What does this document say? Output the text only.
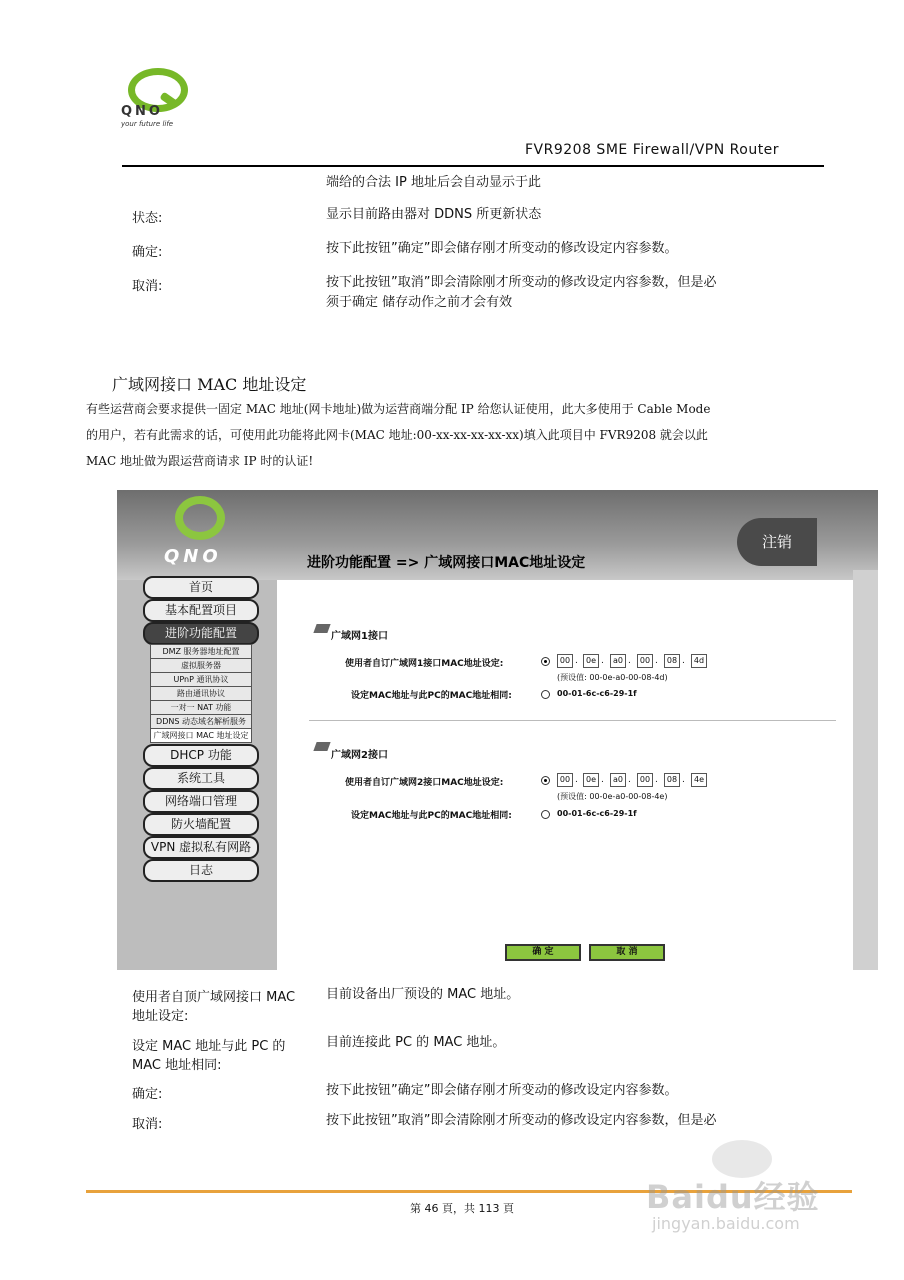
QNO
your future life
FVR9208 SME Firewall/VPN Router
端给的合法 IP 地址后会自动显示于此
状态:	显示目前路由器对 DDNS 所更新状态
确定:	按下此按钮”确定”即会储存刚才所变动的修改设定内容参数。
取消:	按下此按钮”取消”即会清除刚才所变动的修改设定内容参数，但是必
须于确定 储存动作之前才会有效
广域网接口 MAC 地址设定
有些运营商会要求提供一固定 MAC 地址(网卡地址)做为运营商端分配 IP 给您认证使用，此大多使用于 Cable Mode
的用户，若有此需求的话，可使用此功能将此网卡(MAC 地址:00-xx-xx-xx-xx-xx)填入此项目中 FVR9208 就会以此
MAC 地址做为跟运营商请求 IP 时的认证!
QNO
注销
进阶功能配置 => 广域网接口MAC地址设定
首页
基本配置项目
进阶功能配置
DMZ 服务器地址配置
虚拟服务器
UPnP 通讯协议
路由通讯协议
一对一 NAT 功能
DDNS 动态域名解析服务
广域网接口 MAC 地址设定
DHCP 功能
系统工具
网络端口管理
防火墙配置
VPN 虚拟私有网路
日志
广域网1接口
使用者自订广域网1接口MAC地址设定:	00 .	0e .	a0 .	00 .	08 .	4d
(预设值: 00-0e-a0-00-08-4d)
设定MAC地址与此PC的MAC地址相同:	00-01-6c-c6-29-1f
广域网2接口
使用者自订广域网2接口MAC地址设定:	00 .	0e .	a0 .	00 .	08 .	4e
(预设值: 00-0e-a0-00-08-4e)
设定MAC地址与此PC的MAC地址相同:	00-01-6c-c6-29-1f
确 定	取 消
使用者自顶广域网接口 MAC
地址设定:
目前设备出厂预设的 MAC 地址。
设定 MAC 地址与此 PC 的
MAC 地址相同:
目前连接此 PC 的 MAC 地址。
确定:	按下此按钮”确定”即会储存刚才所变动的修改设定内容参数。
取消:	按下此按钮”取消”即会清除刚才所变动的修改设定内容参数，但是必
第 46 頁，共 113 頁	Baidu经验
jingyan.baidu.com
